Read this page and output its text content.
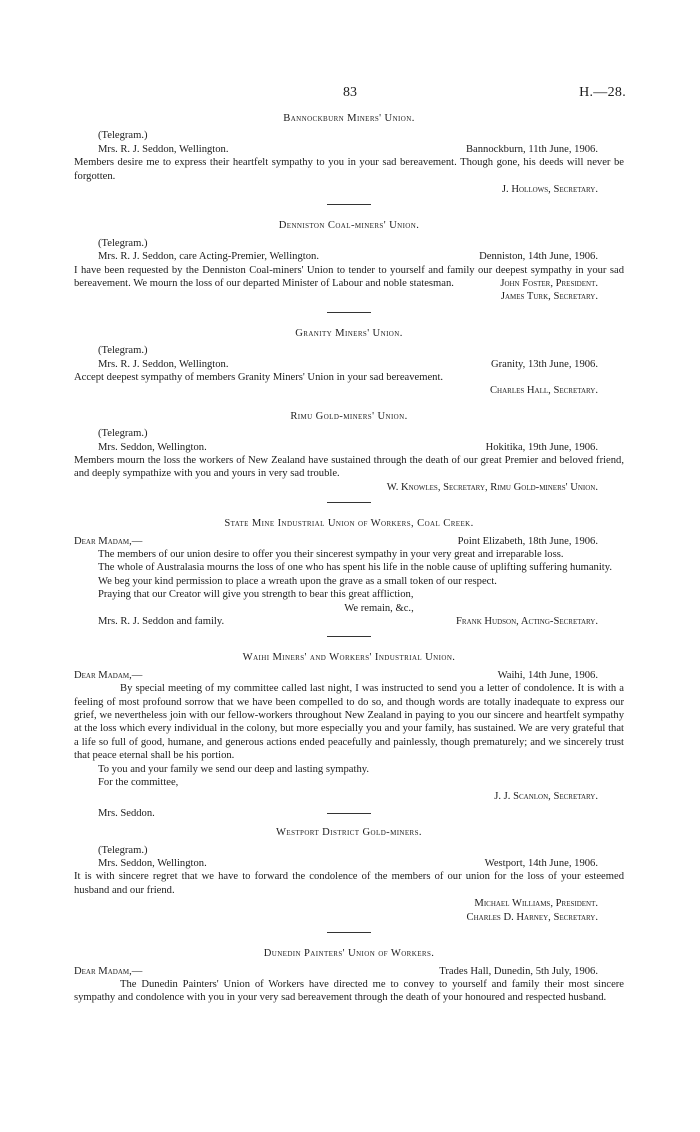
83	H.—28.
Bannockburn Miners' Union.
(Telegram.)
Mrs. R. J. Seddon, Wellington.	Bannockburn, 11th June, 1906.

Members desire me to express their heartfelt sympathy to you in your sad bereavement. Though gone, his deeds will never be forgotten.

J. Hollows, Secretary.
Denniston Coal-miners' Union.
(Telegram.)
Mrs. R. J. Seddon, care Acting-Premier, Wellington.	Denniston, 14th June, 1906.

I have been requested by the Denniston Coal-miners' Union to tender to yourself and family our deepest sympathy in your sad bereavement. We mourn the loss of our departed Minister of Labour and noble statesman.	John Foster, President.
James Turk, Secretary.
Granity Miners' Union.
(Telegram.)
Mrs. R. J. Seddon, Wellington.	Granity, 13th June, 1906.

Accept deepest sympathy of members Granity Miners' Union in your sad bereavement.

Charles Hall, Secretary.
Rimu Gold-miners' Union.
(Telegram.)
Mrs. Seddon, Wellington.	Hokitika, 19th June, 1906.

Members mourn the loss the workers of New Zealand have sustained through the death of our great Premier and beloved friend, and deeply sympathize with you and yours in very sad trouble.

W. Knowles, Secretary, Rimu Gold-miners' Union.
State Mine Industrial Union of Workers, Coal Creek.
Dear Madam,—	Point Elizabeth, 18th June, 1906.

The members of our union desire to offer you their sincerest sympathy in your very great and irreparable loss.

The whole of Australasia mourns the loss of one who has spent his life in the noble cause of uplifting suffering humanity.

We beg your kind permission to place a wreath upon the grave as a small token of our respect.

Praying that our Creator will give you strength to bear this great affliction,

We remain, &c.,
Mrs. R. J. Seddon and family.	Frank Hudson, Acting-Secretary.
Waihi Miners' and Workers' Industrial Union.
Dear Madam,—	Waihi, 14th June, 1906.

By special meeting of my committee called last night, I was instructed to send you a letter of condolence. It is with a feeling of most profound sorrow that we have been compelled to do so, and though words are totally inadequate to express our grief, we nevertheless join with our fellow-workers throughout New Zealand in paying to you our sincere and heartfelt sympathy at the loss which every individual in the colony, but more especially you and your family, has sustained. We are very grateful that a life so full of good, humane, and generous actions ended peacefully and painlessly, though prematurely; and we sincerely trust that peace eternal shall be his portion.

To you and your family we send our deep and lasting sympathy.

For the committee,
J. J. Scanlon, Secretary.
Mrs. Seddon.
Westport District Gold-miners.
(Telegram.)
Mrs. Seddon, Wellington.	Westport, 14th June, 1906.

It is with sincere regret that we have to forward the condolence of the members of our union for the loss of your esteemed husband and our friend.

Michael Williams, President.
Charles D. Harney, Secretary.
Dunedin Painters' Union of Workers.
Dear Madam,—	Trades Hall, Dunedin, 5th July, 1906.

The Dunedin Painters' Union of Workers have directed me to convey to yourself and family their most sincere sympathy and condolence with you in your very sad bereavement through the death of your honoured and respected husband.
